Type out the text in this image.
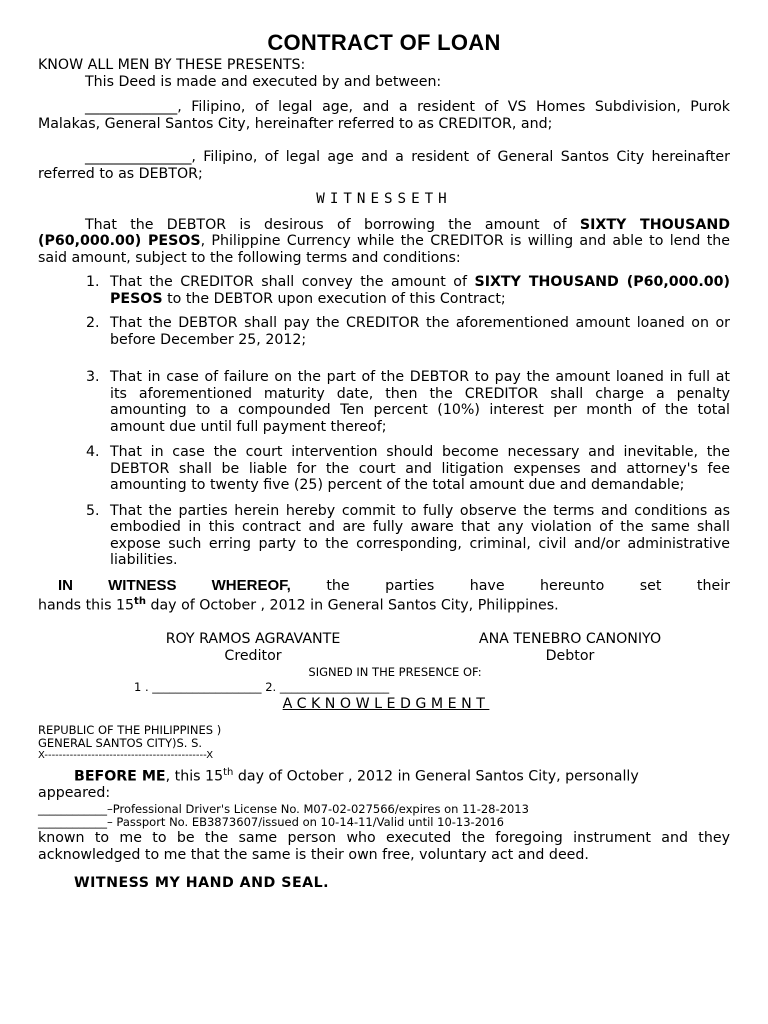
CONTRACT OF LOAN

KNOW ALL MEN BY THESE PRESENTS:

This Deed is made and executed by and between:

_____________, Filipino, of legal age, and a resident of VS Homes Subdivision, Purok Malakas, General Santos City, hereinafter referred to as CREDITOR, and;

_______________, Filipino, of legal age and a resident of General Santos City hereinafter referred to as DEBTOR;

WITNESSETH

That the DEBTOR is desirous of borrowing the amount of SIXTY THOUSAND (P60,000.00) PESOS, Philippine Currency while the CREDITOR is willing and able to lend the said amount, subject to the following terms and conditions:

1. That the CREDITOR shall convey the amount of SIXTY THOUSAND (P60,000.00) PESOS to the DEBTOR upon execution of this Contract;
2. That the DEBTOR shall pay the CREDITOR the aforementioned amount loaned on or before December 25, 2012;
3. That in case of failure on the part of the DEBTOR to pay the amount loaned in full at its aforementioned maturity date, then the CREDITOR shall charge a penalty amounting to a compounded Ten percent (10%) interest per month of the total amount due until full payment thereof;
4. That in case the court intervention should become necessary and inevitable, the DEBTOR shall be liable for the court and litigation expenses and attorney's fee amounting to twenty five (25) percent of the total amount due and demandable;
5. That the parties herein hereby commit to fully observe the terms and conditions as embodied in this contract and are fully aware that any violation of the same shall expose such erring party to the corresponding, criminal, civil and/or administrative liabilities.

IN WITNESS WHEREOF,	the parties have hereunto set their

hands this 15th day of October , 2012 in General Santos City, Philippines.

ROY RAMOS AGRAVANTE
Creditor
ANA TENEBRO CANONIYO
Debtor

SIGNED IN THE PRESENCE OF:

1 . ___________________ 2. ___________________

ACKNOWLEDGMENT

REPUBLIC OF THE PHILIPPINES )

GENERAL SANTOS CITY)S. S.

X---------------------------------------------X

BEFORE ME, this 15th day of October , 2012 in General Santos City, personally

appeared:

____________–Professional Driver's License No. M07-02-027566/expires on 11-28-2013

____________– Passport No. EB3873607/issued on 10-14-11/Valid until 10-13-2016

known to me to be the same person who executed the foregoing instrument and they acknowledged to me that the same is their own free, voluntary act and deed.

WITNESS MY HAND AND SEAL.
